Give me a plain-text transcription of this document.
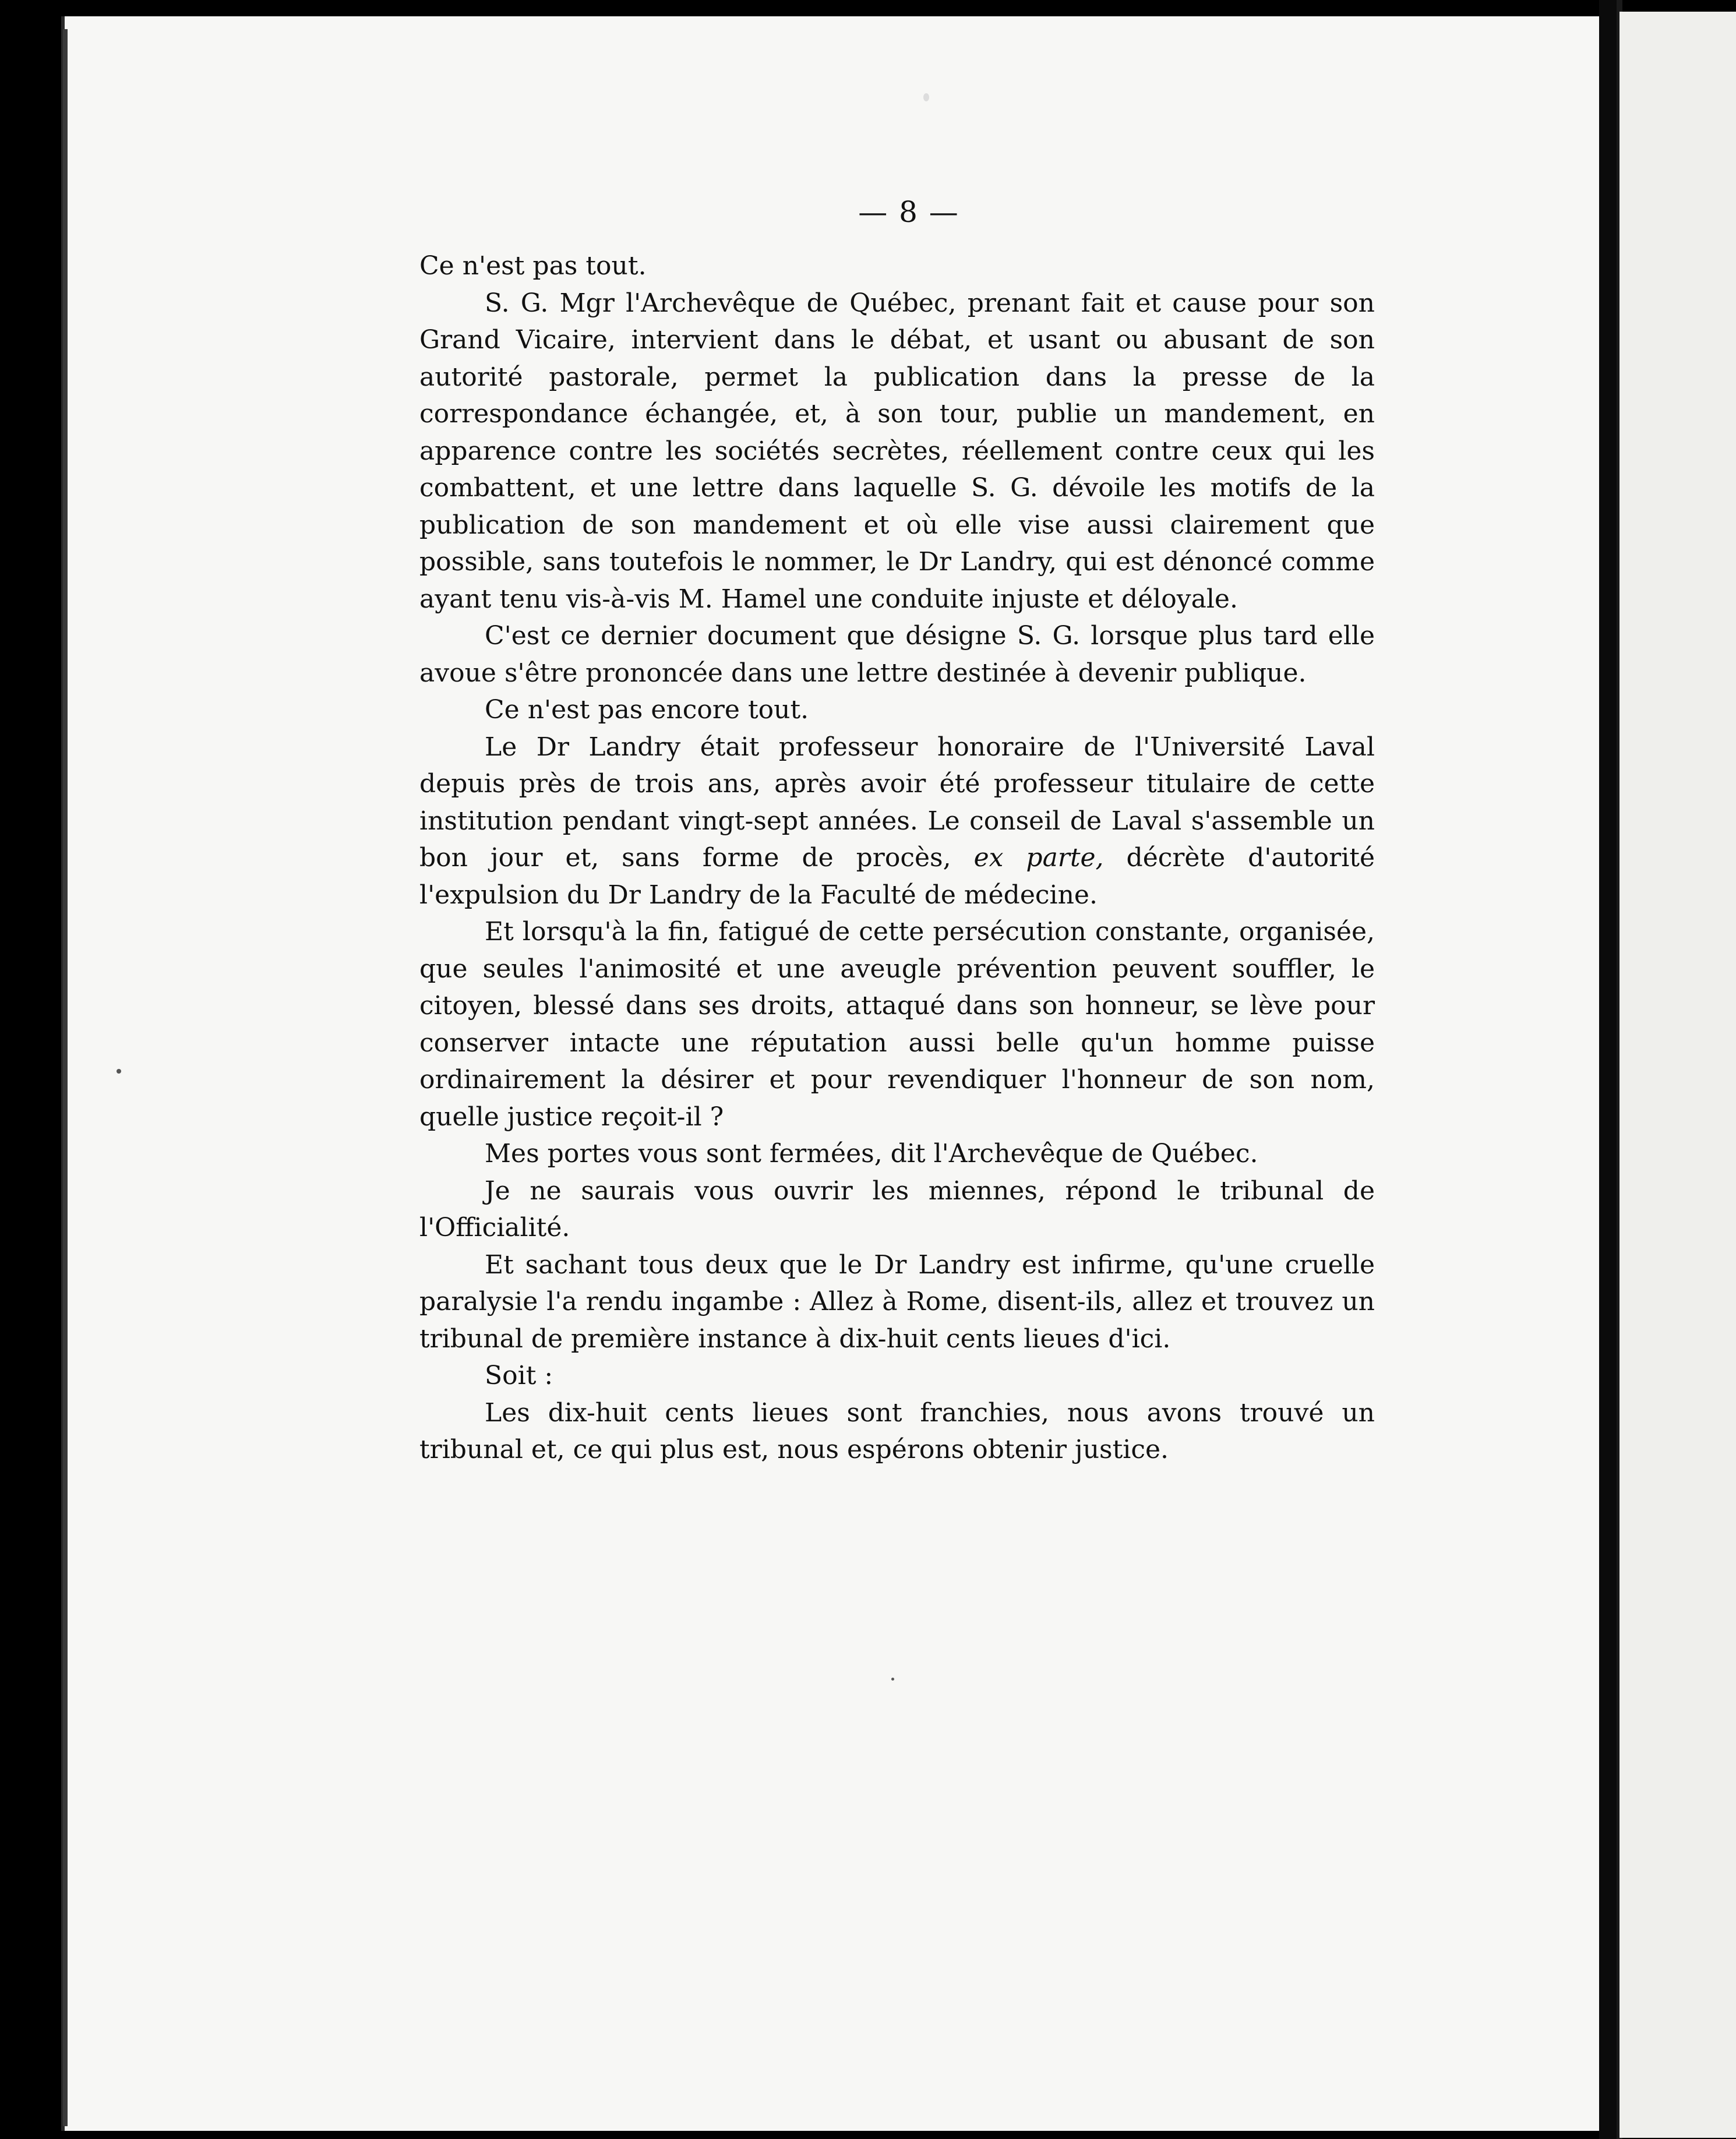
— 8 —

Ce n'est pas tout.

S. G. Mgr l'Archevêque de Québec, prenant fait et cause pour son Grand Vicaire, intervient dans le débat, et usant ou abusant de son autorité pastorale, permet la publication dans la presse de la correspondance échangée, et, à son tour, publie un mandement, en apparence contre les sociétés secrètes, réellement contre ceux qui les combattent, et une lettre dans laquelle S. G. dévoile les motifs de la publication de son mandement et où elle vise aussi clairement que possible, sans toutefois le nommer, le Dr Landry, qui est dénoncé comme ayant tenu vis-à-vis M. Hamel une conduite injuste et déloyale.

C'est ce dernier document que désigne S. G. lorsque plus tard elle avoue s'être prononcée dans une lettre destinée à devenir publique.

Ce n'est pas encore tout.

Le Dr Landry était professeur honoraire de l'Université Laval depuis près de trois ans, après avoir été professeur titulaire de cette institution pendant vingt-sept années. Le conseil de Laval s'assemble un bon jour et, sans forme de procès, ex parte, décrète d'autorité l'expulsion du Dr Landry de la Faculté de médecine.

Et lorsqu'à la fin, fatigué de cette persécution constante, organisée, que seules l'animosité et une aveugle prévention peuvent souffler, le citoyen, blessé dans ses droits, attaqué dans son honneur, se lève pour conserver intacte une réputation aussi belle qu'un homme puisse ordinairement la désirer et pour revendiquer l'honneur de son nom, quelle justice reçoit-il ?

Mes portes vous sont fermées, dit l'Archevêque de Québec.

Je ne saurais vous ouvrir les miennes, répond le tribunal de l'Officialité.

Et sachant tous deux que le Dr Landry est infirme, qu'une cruelle paralysie l'a rendu ingambe : Allez à Rome, disent-ils, allez et trouvez un tribunal de première instance à dix-huit cents lieues d'ici.

Soit :

Les dix-huit cents lieues sont franchies, nous avons trouvé un tribunal et, ce qui plus est, nous espérons obtenir justice.
